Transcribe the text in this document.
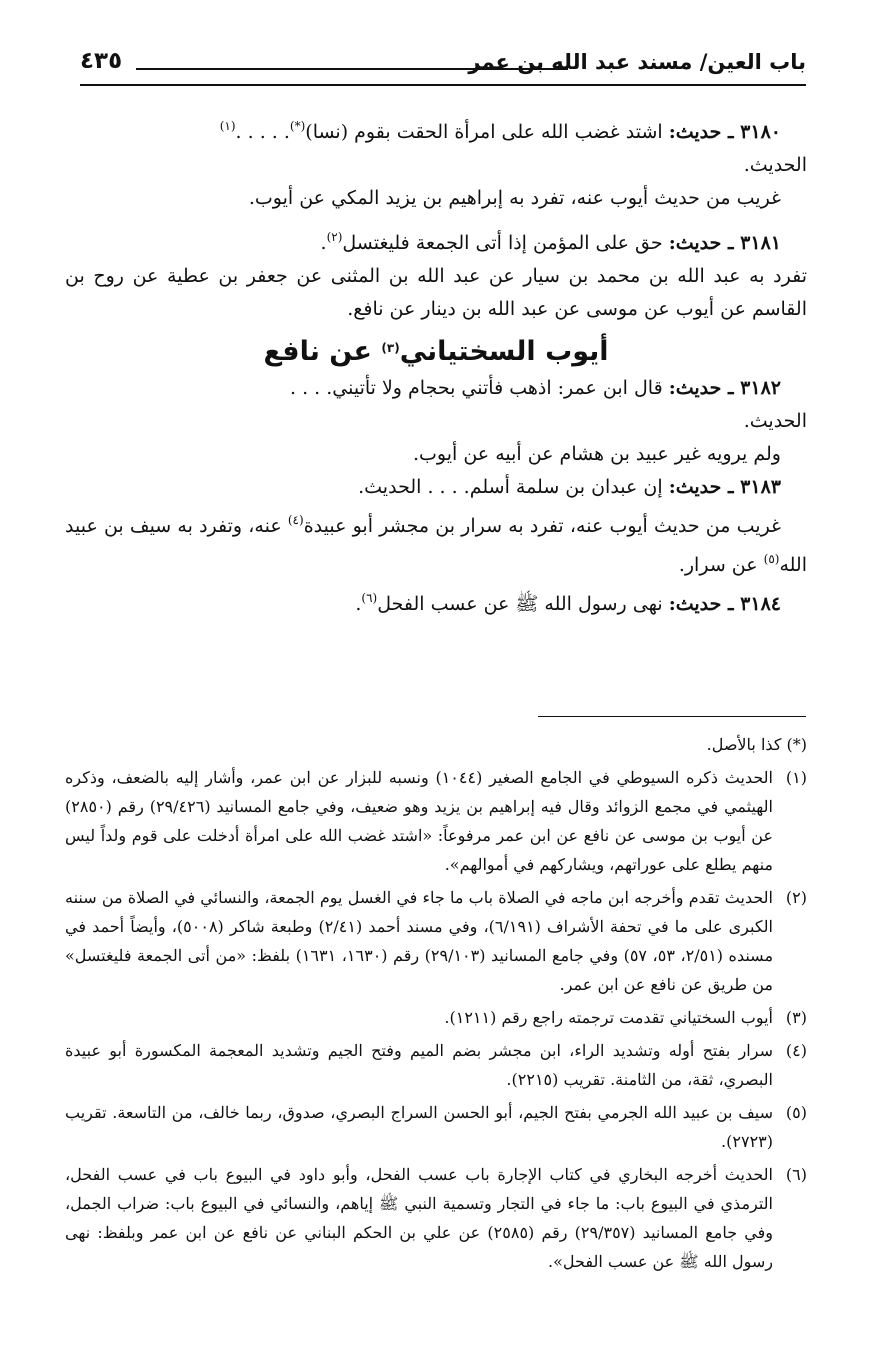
باب العين/ مسند عبد الله بن عمر
٤٣٥

٣١٨٠ ـ حديث: اشتد غضب الله على امرأة الحقت بقوم (نسا)(*). . . . .$^{(١)}$
الحديث.

غريب من حديث أيوب عنه، تفرد به إبراهيم بن يزيد المكي عن أيوب.

٣١٨١ ـ حديث: حق على المؤمن إذا أتى الجمعة فليغتسل$^{(٢)}$.

تفرد به عبد الله بن محمد بن سيار عن عبد الله بن المثنى عن جعفر بن عطية عن روح بن القاسم عن أيوب عن موسى عن عبد الله بن دينار عن نافع.

أيوب السختياني$^{(٣)}$ عن نافع

٣١٨٢ ـ حديث: قال ابن عمر: اذهب فأتني بحجام ولا تأتيني. . . .
الحديث.

ولم يرويه غير عبيد بن هشام عن أبيه عن أيوب.

٣١٨٣ ـ حديث: إن عبدان بن سلمة أسلم. . . . الحديث.

غريب من حديث أيوب عنه، تفرد به سرار بن مجشر أبو عبيدة$^{(٤)}$ عنه، وتفرد به سيف بن عبيد الله$^{(٥)}$ عن سرار.

٣١٨٤ ـ حديث: نهى رسول الله ﷺ عن عسب الفحل$^{(٦)}$.

(*) كذا بالأصل.

(١)
الحديث ذكره السيوطي في الجامع الصغير (١٠٤٤) ونسبه للبزار عن ابن عمر، وأشار إليه بالضعف، وذكره الهيثمي في مجمع الزوائد وقال فيه إبراهيم بن يزيد وهو ضعيف، وفي جامع المسانيد (٢٩/٤٢٦) رقم (٢٨٥٠) عن أيوب بن موسى عن نافع عن ابن عمر مرفوعاً: «اشتد غضب الله على امرأة أدخلت على قوم ولداً ليس منهم يطلع على عوراتهم، ويشاركهم في أموالهم».

(٢)
الحديث تقدم وأخرجه ابن ماجه في الصلاة باب ما جاء في الغسل يوم الجمعة، والنسائي في الصلاة من سننه الكبرى على ما في تحفة الأشراف (٦/١٩١)، وفي مسند أحمد (٢/٤١) وطبعة شاكر (٥٠٠٨)، وأيضاً أحمد في مسنده (٢/٥١، ٥٣، ٥٧) وفي جامع المسانيد (٢٩/١٠٣) رقم (١٦٣٠، ١٦٣١) بلفظ: «من أتى الجمعة فليغتسل» من طريق عن نافع عن ابن عمر.

(٣)
أيوب السختياني تقدمت ترجمته راجع رقم (١٢١١).

(٤)
سرار بفتح أوله وتشديد الراء، ابن مجشر بضم الميم وفتح الجيم وتشديد المعجمة المكسورة أبو عبيدة البصري، ثقة، من الثامنة. تقريب (٢٢١٥).

(٥)
سيف بن عبيد الله الجرمي بفتح الجيم، أبو الحسن السراج البصري، صدوق، ربما خالف، من التاسعة. تقريب (٢٧٢٣).

(٦)
الحديث أخرجه البخاري في كتاب الإجارة باب عسب الفحل، وأبو داود في البيوع باب في عسب الفحل، الترمذي في البيوع باب: ما جاء في التجار وتسمية النبي ﷺ إياهم، والنسائي في البيوع باب: ضراب الجمل، وفي جامع المسانيد (٢٩/٣٥٧) رقم (٢٥٨٥) عن علي بن الحكم البناني عن نافع عن ابن عمر وبلفظ: نهى رسول الله ﷺ عن عسب الفحل».
